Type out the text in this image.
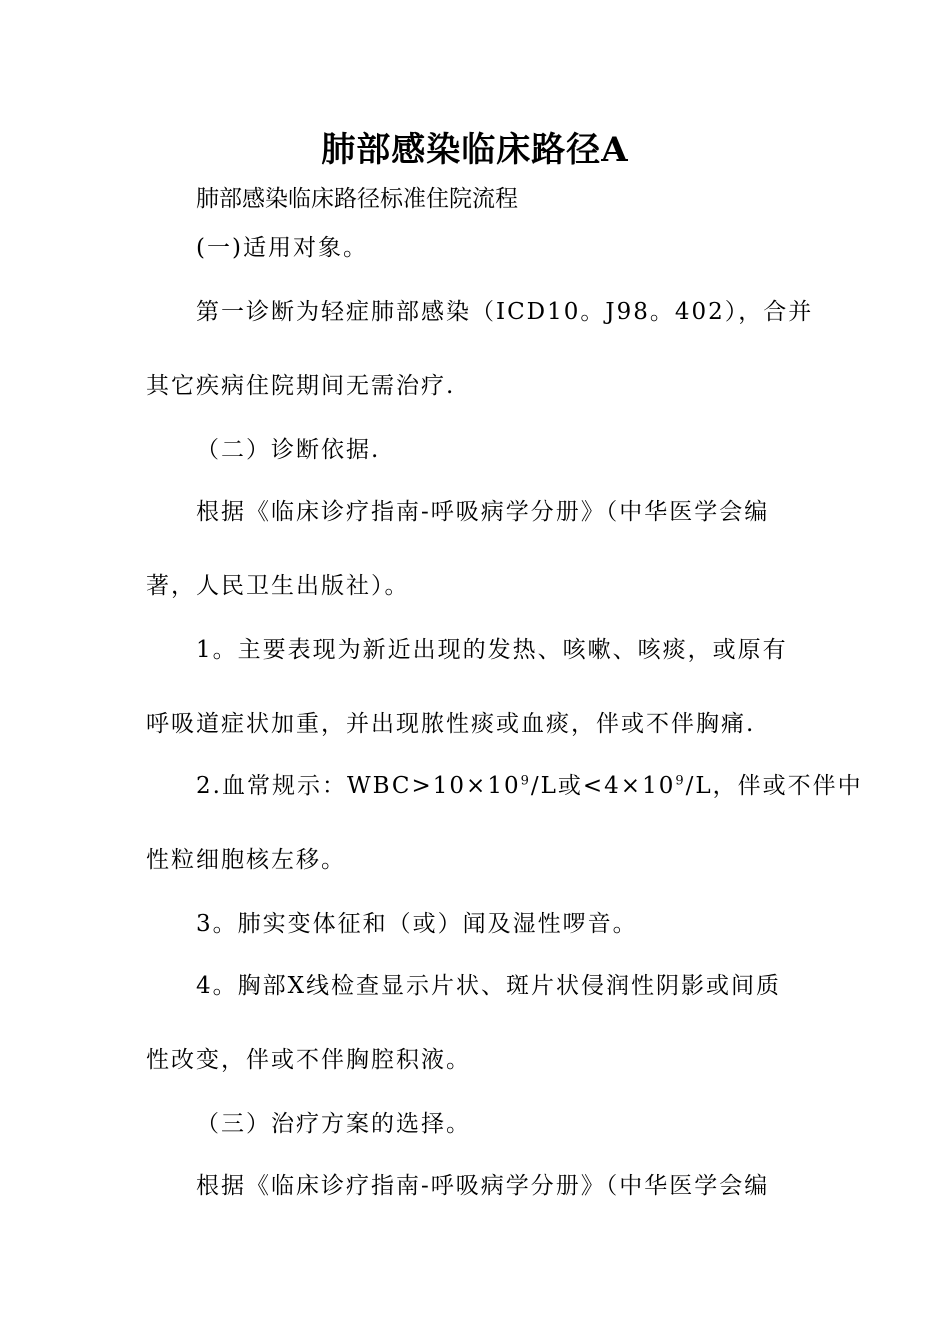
肺部感染临床路径A
肺部感染临床路径标准住院流程
(一)适用对象。
第一诊断为轻症肺部感染（ICD10。J98。402），合并
其它疾病住院期间无需治疗.
（二）诊断依据.
根据《临床诊疗指南-呼吸病学分册》（中华医学会编
著，人民卫生出版社）。
1。主要表现为新近出现的发热、咳嗽、咳痰，或原有
呼吸道症状加重，并出现脓性痰或血痰，伴或不伴胸痛.
2.血常规示：$WBC>10\times 10^9/L$或$<4\times 10^9/L$，伴或不伴中
性粒细胞核左移。
3。肺实变体征和（或）闻及湿性啰音。
4。胸部X线检查显示片状、斑片状侵润性阴影或间质
性改变，伴或不伴胸腔积液。
（三）治疗方案的选择。
根据《临床诊疗指南-呼吸病学分册》（中华医学会编
